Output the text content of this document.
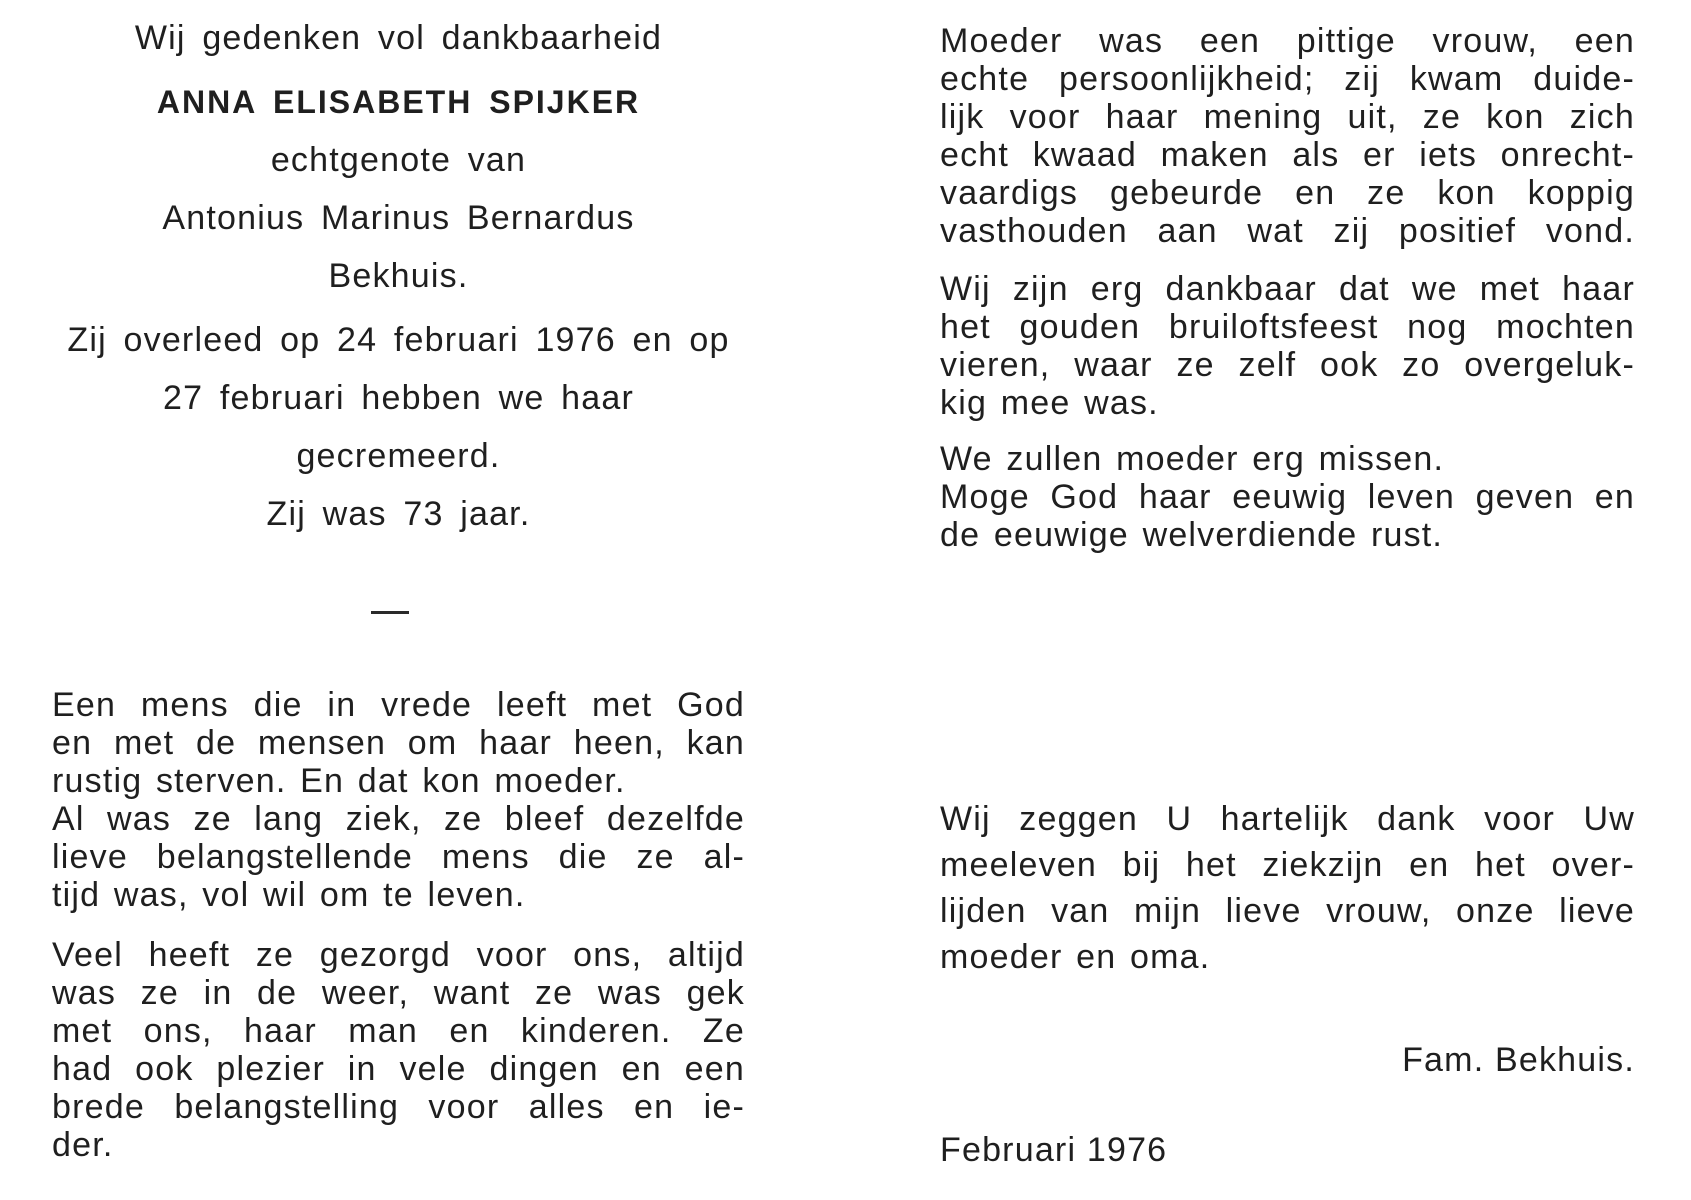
Wij gedenken vol dankbaarheid
ANNA ELISABETH SPIJKER
echtgenote van
Antonius Marinus Bernardus
Bekhuis.
Zij overleed op 24 februari 1976 en op
27 februari hebben we haar
gecremeerd.
Zij was 73 jaar.
Een mens die in vrede leeft met God
en met de mensen om haar heen, kan
rustig sterven. En dat kon moeder.
Al was ze lang ziek, ze bleef dezelfde
lieve belangstellende mens die ze al-
tijd was, vol wil om te leven.
Veel heeft ze gezorgd voor ons, altijd
was ze in de weer, want ze was gek
met ons, haar man en kinderen. Ze
had ook plezier in vele dingen en een
brede belangstelling voor alles en ie-
der.
Moeder was een pittige vrouw, een
echte persoonlijkheid; zij kwam duide-
lijk voor haar mening uit, ze kon zich
echt kwaad maken als er iets onrecht-
vaardigs gebeurde en ze kon koppig
vasthouden aan wat zij positief vond.
Wij zijn erg dankbaar dat we met haar
het gouden bruiloftsfeest nog mochten
vieren, waar ze zelf ook zo overgeluk-
kig mee was.
We zullen moeder erg missen.
Moge God haar eeuwig leven geven en
de eeuwige welverdiende rust.
Wij zeggen U hartelijk dank voor Uw
meeleven bij het ziekzijn en het over-
lijden van mijn lieve vrouw, onze lieve
moeder en oma.
Fam. Bekhuis.
Februari 1976
